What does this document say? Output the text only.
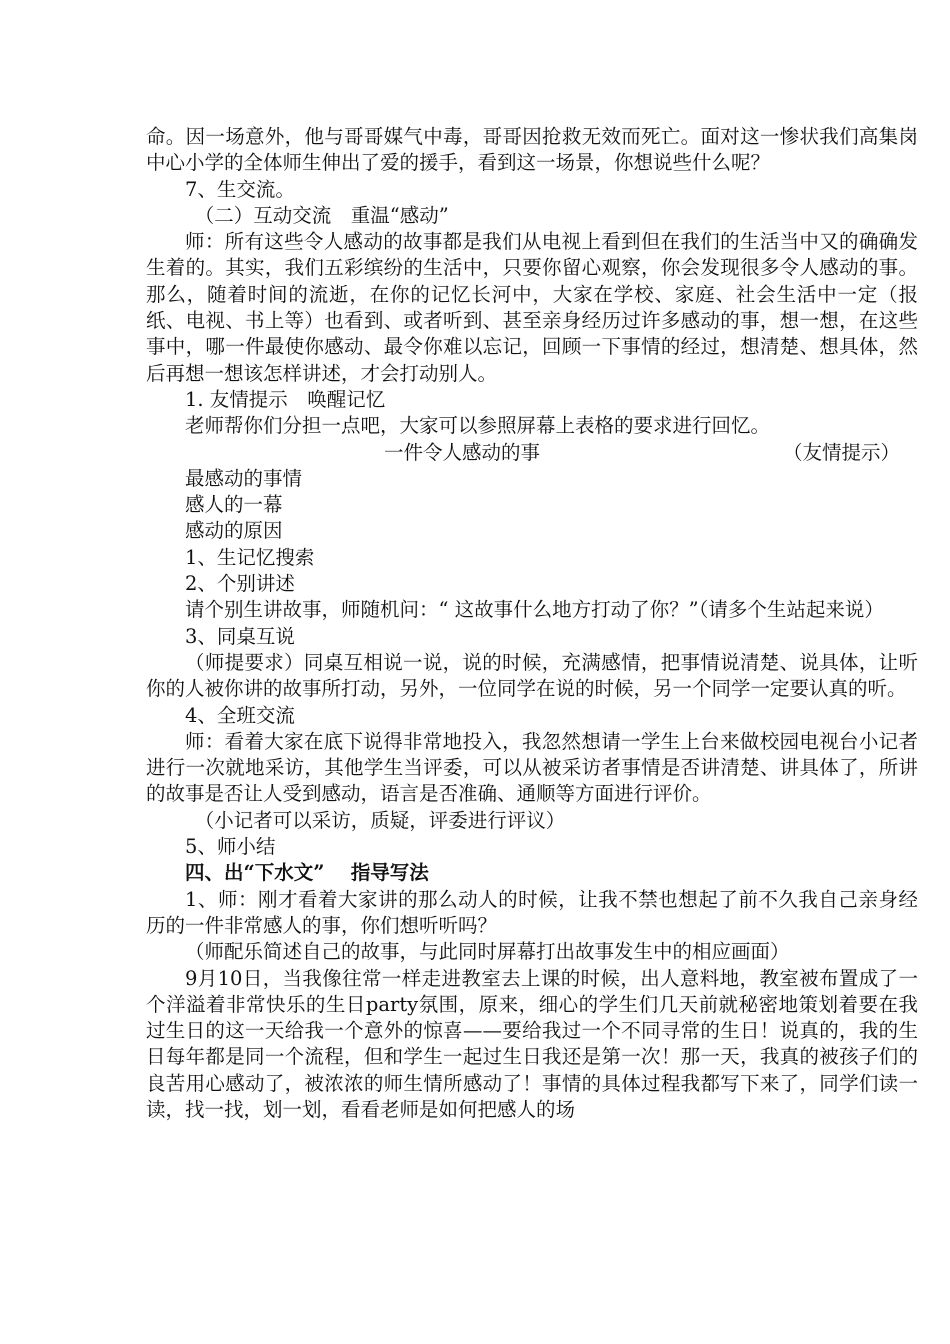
命。因一场意外，他与哥哥媒气中毒，哥哥因抢救无效而死亡。面对这一惨状我们高集岗中心小学的全体师生伸出了爱的援手，看到这一场景，你想说些什么呢？

7、生交流。

（二）互动交流　重温“感动”

师：所有这些令人感动的故事都是我们从电视上看到但在我们的生活当中又的确确发生着的。其实，我们五彩缤纷的生活中，只要你留心观察，你会发现很多令人感动的事。那么，随着时间的流逝，在你的记忆长河中，大家在学校、家庭、社会生活中一定（报纸、电视、书上等）也看到、或者听到、甚至亲身经历过许多感动的事，想一想，在这些事中，哪一件最使你感动、最令你难以忘记，回顾一下事情的经过，想清楚、想具体，然后再想一想该怎样讲述，才会打动别人。

1. 友情提示　唤醒记忆

老师帮你们分担一点吧，大家可以参照屏幕上表格的要求进行回忆。

一件令人感动的事	（友情提示）

最感动的事情

感人的一幕

感动的原因

1、生记忆搜索

2、个别讲述

请个别生讲故事，师随机问：“ 这故事什么地方打动了你？”（请多个生站起来说）

3、同桌互说

（师提要求）同桌互相说一说，说的时候，充满感情，把事情说清楚、说具体，让听你的人被你讲的故事所打动，另外，一位同学在说的时候，另一个同学一定要认真的听。

4、全班交流

师：看着大家在底下说得非常地投入，我忽然想请一学生上台来做校园电视台小记者进行一次就地采访，其他学生当评委，可以从被采访者事情是否讲清楚、讲具体了，所讲的故事是否让人受到感动，语言是否准确、通顺等方面进行评价。

（小记者可以采访，质疑，评委进行评议）

5、师小结

四、出“下水文”　 指导写法

1、师：刚才看着大家讲的那么动人的时候，让我不禁也想起了前不久我自己亲身经历的一件非常感人的事，你们想听听吗？

（师配乐简述自己的故事，与此同时屏幕打出故事发生中的相应画面）

9月10日，当我像往常一样走进教室去上课的时候，出人意料地，教室被布置成了一个洋溢着非常快乐的生日party氛围，原来，细心的学生们几天前就秘密地策划着要在我过生日的这一天给我一个意外的惊喜——要给我过一个不同寻常的生日！说真的，我的生日每年都是同一个流程，但和学生一起过生日我还是第一次！那一天，我真的被孩子们的良苦用心感动了，被浓浓的师生情所感动了！事情的具体过程我都写下来了，同学们读一读，找一找，划一划，看看老师是如何把感人的场
